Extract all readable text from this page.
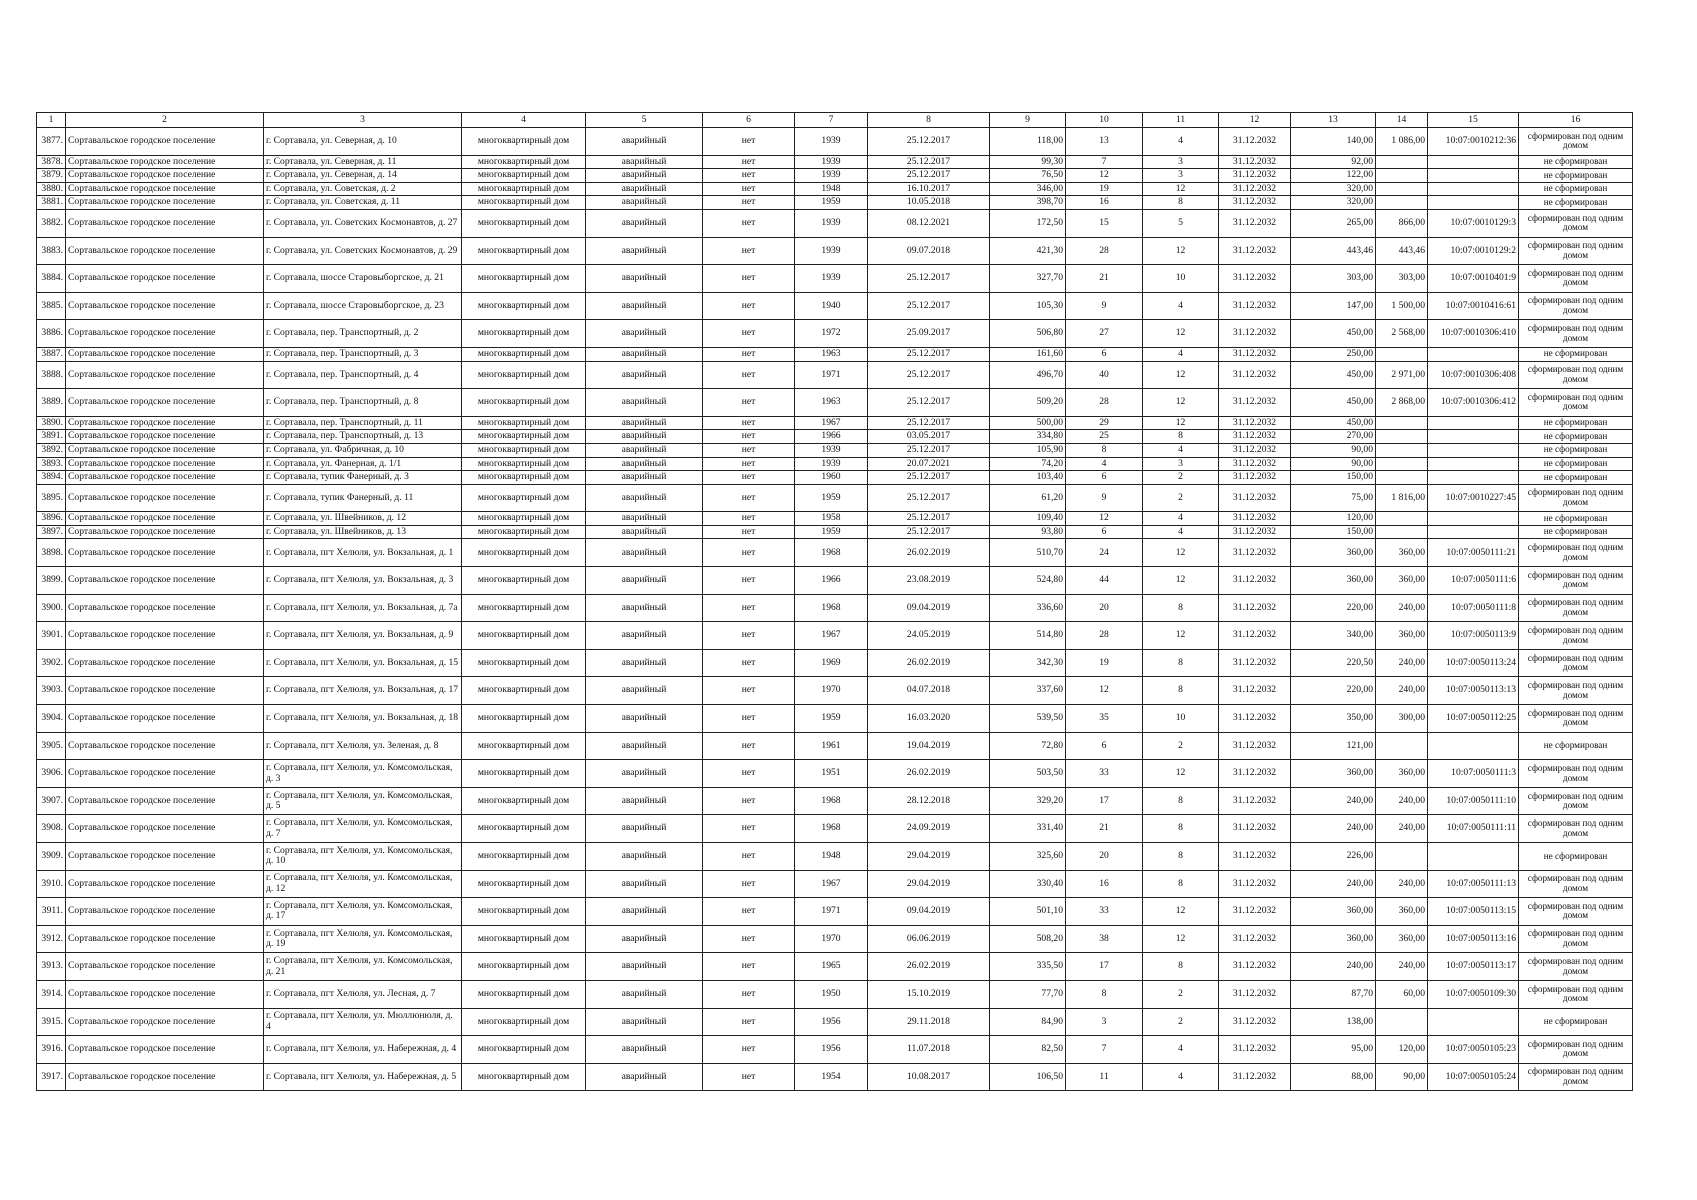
1	2	3	4	5	6	7	8	9	10	11	12	13	14	15	16
3877.	Сортавальское городское поселение	г. Сортавала, ул. Северная, д. 10	многоквартирный дом	аварийный	нет	1939	25.12.2017	118,00	13	4	31.12.2032	140,00	1 086,00	10:07:0010212:36	сформирован под одним домом
3878.	Сортавальское городское поселение	г. Сортавала, ул. Северная, д. 11	многоквартирный дом	аварийный	нет	1939	25.12.2017	99,30	7	3	31.12.2032	92,00			не сформирован
3879.	Сортавальское городское поселение	г. Сортавала, ул. Северная, д. 14	многоквартирный дом	аварийный	нет	1939	25.12.2017	76,50	12	3	31.12.2032	122,00			не сформирован
3880.	Сортавальское городское поселение	г. Сортавала, ул. Советская, д. 2	многоквартирный дом	аварийный	нет	1948	16.10.2017	346,00	19	12	31.12.2032	320,00			не сформирован
3881.	Сортавальское городское поселение	г. Сортавала, ул. Советская, д. 11	многоквартирный дом	аварийный	нет	1959	10.05.2018	398,70	16	8	31.12.2032	320,00			не сформирован
3882.	Сортавальское городское поселение	г. Сортавала, ул. Советских Космонавтов, д. 27	многоквартирный дом	аварийный	нет	1939	08.12.2021	172,50	15	5	31.12.2032	265,00	866,00	10:07:0010129:3	сформирован под одним домом
3883.	Сортавальское городское поселение	г. Сортавала, ул. Советских Космонавтов, д. 29	многоквартирный дом	аварийный	нет	1939	09.07.2018	421,30	28	12	31.12.2032	443,46	443,46	10:07:0010129:2	сформирован под одним домом
3884.	Сортавальское городское поселение	г. Сортавала, шоссе Старовыборгское, д. 21	многоквартирный дом	аварийный	нет	1939	25.12.2017	327,70	21	10	31.12.2032	303,00	303,00	10:07:0010401:9	сформирован под одним домом
3885.	Сортавальское городское поселение	г. Сортавала, шоссе Старовыборгское, д. 23	многоквартирный дом	аварийный	нет	1940	25.12.2017	105,30	9	4	31.12.2032	147,00	1 500,00	10:07:0010416:61	сформирован под одним домом
3886.	Сортавальское городское поселение	г. Сортавала, пер. Транспортный, д. 2	многоквартирный дом	аварийный	нет	1972	25.09.2017	506,80	27	12	31.12.2032	450,00	2 568,00	10:07:0010306:410	сформирован под одним домом
3887.	Сортавальское городское поселение	г. Сортавала, пер. Транспортный, д. 3	многоквартирный дом	аварийный	нет	1963	25.12.2017	161,60	6	4	31.12.2032	250,00			не сформирован
3888.	Сортавальское городское поселение	г. Сортавала, пер. Транспортный, д. 4	многоквартирный дом	аварийный	нет	1971	25.12.2017	496,70	40	12	31.12.2032	450,00	2 971,00	10:07:0010306:408	сформирован под одним домом
3889.	Сортавальское городское поселение	г. Сортавала, пер. Транспортный, д. 8	многоквартирный дом	аварийный	нет	1963	25.12.2017	509,20	28	12	31.12.2032	450,00	2 868,00	10:07:0010306:412	сформирован под одним домом
3890.	Сортавальское городское поселение	г. Сортавала, пер. Транспортный, д. 11	многоквартирный дом	аварийный	нет	1967	25.12.2017	500,00	29	12	31.12.2032	450,00			не сформирован
3891.	Сортавальское городское поселение	г. Сортавала, пер. Транспортный, д. 13	многоквартирный дом	аварийный	нет	1966	03.05.2017	334,80	25	8	31.12.2032	270,00			не сформирован
3892.	Сортавальское городское поселение	г. Сортавала, ул. Фабричная, д. 10	многоквартирный дом	аварийный	нет	1939	25.12.2017	105,90	8	4	31.12.2032	90,00			не сформирован
3893.	Сортавальское городское поселение	г. Сортавала, ул. Фанерная, д. 1/1	многоквартирный дом	аварийный	нет	1939	20.07.2021	74,20	4	3	31.12.2032	90,00			не сформирован
3894.	Сортавальское городское поселение	г. Сортавала, тупик Фанерный, д. 3	многоквартирный дом	аварийный	нет	1960	25.12.2017	103,40	6	2	31.12.2032	150,00			не сформирован
3895.	Сортавальское городское поселение	г. Сортавала, тупик Фанерный, д. 11	многоквартирный дом	аварийный	нет	1959	25.12.2017	61,20	9	2	31.12.2032	75,00	1 816,00	10:07:0010227:45	сформирован под одним домом
3896.	Сортавальское городское поселение	г. Сортавала, ул. Швейников, д. 12	многоквартирный дом	аварийный	нет	1958	25.12.2017	109,40	12	4	31.12.2032	120,00			не сформирован
3897.	Сортавальское городское поселение	г. Сортавала, ул. Швейников, д. 13	многоквартирный дом	аварийный	нет	1959	25.12.2017	93,80	6	4	31.12.2032	150,00			не сформирован
3898.	Сортавальское городское поселение	г. Сортавала, пгт Хелюля, ул. Вокзальная, д. 1	многоквартирный дом	аварийный	нет	1968	26.02.2019	510,70	24	12	31.12.2032	360,00	360,00	10:07:0050111:21	сформирован под одним домом
3899.	Сортавальское городское поселение	г. Сортавала, пгт Хелюля, ул. Вокзальная, д. 3	многоквартирный дом	аварийный	нет	1966	23.08.2019	524,80	44	12	31.12.2032	360,00	360,00	10:07:0050111:6	сформирован под одним домом
3900.	Сортавальское городское поселение	г. Сортавала, пгт Хелюля, ул. Вокзальная, д. 7а	многоквартирный дом	аварийный	нет	1968	09.04.2019	336,60	20	8	31.12.2032	220,00	240,00	10:07:0050111:8	сформирован под одним домом
3901.	Сортавальское городское поселение	г. Сортавала, пгт Хелюля, ул. Вокзальная, д. 9	многоквартирный дом	аварийный	нет	1967	24.05.2019	514,80	28	12	31.12.2032	340,00	360,00	10:07:0050113:9	сформирован под одним домом
3902.	Сортавальское городское поселение	г. Сортавала, пгт Хелюля, ул. Вокзальная, д. 15	многоквартирный дом	аварийный	нет	1969	26.02.2019	342,30	19	8	31.12.2032	220,50	240,00	10:07:0050113:24	сформирован под одним домом
3903.	Сортавальское городское поселение	г. Сортавала, пгт Хелюля, ул. Вокзальная, д. 17	многоквартирный дом	аварийный	нет	1970	04.07.2018	337,60	12	8	31.12.2032	220,00	240,00	10:07:0050113:13	сформирован под одним домом
3904.	Сортавальское городское поселение	г. Сортавала, пгт Хелюля, ул. Вокзальная, д. 18	многоквартирный дом	аварийный	нет	1959	16.03.2020	539,50	35	10	31.12.2032	350,00	300,00	10:07:0050112:25	сформирован под одним домом
3905.	Сортавальское городское поселение	г. Сортавала, пгт Хелюля, ул. Зеленая, д. 8	многоквартирный дом	аварийный	нет	1961	19.04.2019	72,80	6	2	31.12.2032	121,00			не сформирован
3906.	Сортавальское городское поселение	г. Сортавала, пгт Хелюля, ул. Комсомольская, д. 3	многоквартирный дом	аварийный	нет	1951	26.02.2019	503,50	33	12	31.12.2032	360,00	360,00	10:07:0050111:3	сформирован под одним домом
3907.	Сортавальское городское поселение	г. Сортавала, пгт Хелюля, ул. Комсомольская, д. 5	многоквартирный дом	аварийный	нет	1968	28.12.2018	329,20	17	8	31.12.2032	240,00	240,00	10:07:0050111:10	сформирован под одним домом
3908.	Сортавальское городское поселение	г. Сортавала, пгт Хелюля, ул. Комсомольская, д. 7	многоквартирный дом	аварийный	нет	1968	24.09.2019	331,40	21	8	31.12.2032	240,00	240,00	10:07:0050111:11	сформирован под одним домом
3909.	Сортавальское городское поселение	г. Сортавала, пгт Хелюля, ул. Комсомольская, д. 10	многоквартирный дом	аварийный	нет	1948	29.04.2019	325,60	20	8	31.12.2032	226,00			не сформирован
3910.	Сортавальское городское поселение	г. Сортавала, пгт Хелюля, ул. Комсомольская, д. 12	многоквартирный дом	аварийный	нет	1967	29.04.2019	330,40	16	8	31.12.2032	240,00	240,00	10:07:0050111:13	сформирован под одним домом
3911.	Сортавальское городское поселение	г. Сортавала, пгт Хелюля, ул. Комсомольская, д. 17	многоквартирный дом	аварийный	нет	1971	09.04.2019	501,10	33	12	31.12.2032	360,00	360,00	10:07:0050113:15	сформирован под одним домом
3912.	Сортавальское городское поселение	г. Сортавала, пгт Хелюля, ул. Комсомольская, д. 19	многоквартирный дом	аварийный	нет	1970	06.06.2019	508,20	38	12	31.12.2032	360,00	360,00	10:07:0050113:16	сформирован под одним домом
3913.	Сортавальское городское поселение	г. Сортавала, пгт Хелюля, ул. Комсомольская, д. 21	многоквартирный дом	аварийный	нет	1965	26.02.2019	335,50	17	8	31.12.2032	240,00	240,00	10:07:0050113:17	сформирован под одним домом
3914.	Сортавальское городское поселение	г. Сортавала, пгт Хелюля, ул. Лесная, д. 7	многоквартирный дом	аварийный	нет	1950	15.10.2019	77,70	8	2	31.12.2032	87,70	60,00	10:07:0050109:30	сформирован под одним домом
3915.	Сортавальское городское поселение	г. Сортавала, пгт Хелюля, ул. Мюллюнюля, д. 4	многоквартирный дом	аварийный	нет	1956	29.11.2018	84,90	3	2	31.12.2032	138,00			не сформирован
3916.	Сортавальское городское поселение	г. Сортавала, пгт Хелюля, ул. Набережная, д. 4	многоквартирный дом	аварийный	нет	1956	11.07.2018	82,50	7	4	31.12.2032	95,00	120,00	10:07:0050105:23	сформирован под одним домом
3917.	Сортавальское городское поселение	г. Сортавала, пгт Хелюля, ул. Набережная, д. 5	многоквартирный дом	аварийный	нет	1954	10.08.2017	106,50	11	4	31.12.2032	88,00	90,00	10:07:0050105:24	сформирован под одним домом
